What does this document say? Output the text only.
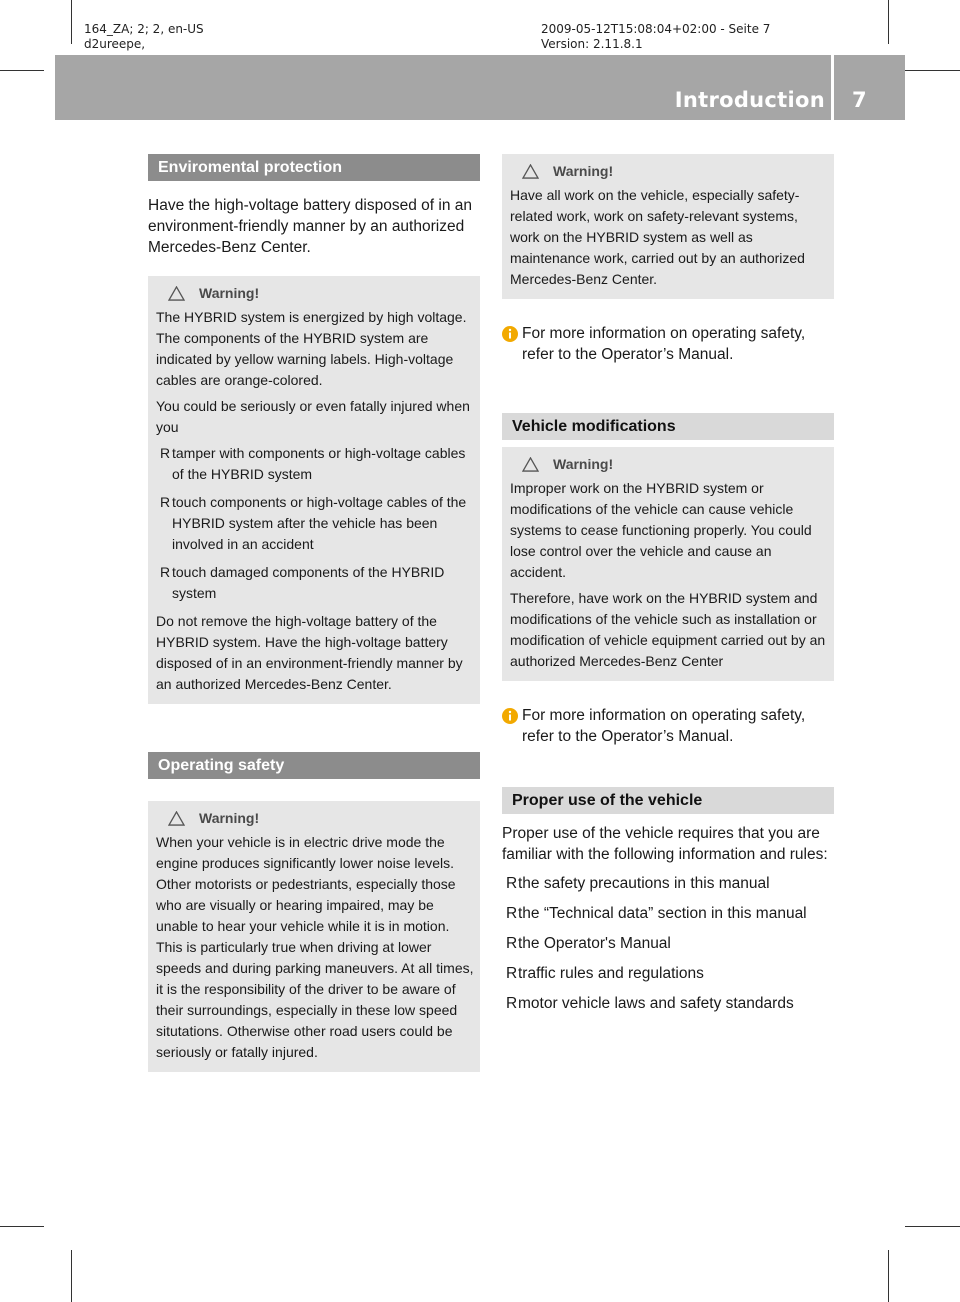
164_ZA; 2; 2, en-US
d2ureepe,
2009-05-12T15:08:04+02:00 - Seite 7
Version: 2.11.8.1
Introduction 7
Enviromental protection

Have the high-voltage battery disposed of in an environment-friendly manner by an authorized Mercedes-Benz Center.

Warning!

The HYBRID system is energized by high voltage. The components of the HYBRID system are indicated by yellow warning labels. High-voltage cables are orange-colored.

You could be seriously or even fatally injured when you

R tamper with components or high-voltage cables of the HYBRID system
R touch components or high-voltage cables of the HYBRID system after the vehicle has been involved in an accident
R touch damaged components of the HYBRID system

Do not remove the high-voltage battery of the HYBRID system. Have the high-voltage battery disposed of in an environment-friendly manner by an authorized Mercedes-Benz Center.

Operating safety
Warning!

When your vehicle is in electric drive mode the engine produces significantly lower noise levels. Other motorists or pedestriants, especially those who are visually or hearing impaired, may be unable to hear your vehicle while it is in motion. This is particularly true when driving at lower speeds and during parking maneuvers. At all times, it is the responsibility of the driver to be aware of their surroundings, especially in these low speed situtations. Otherwise other road users could be seriously or fatally injured.

Warning!

Have all work on the vehicle, especially safety-related work, work on safety-relevant systems, work on the HYBRID system as well as maintenance work, carried out by an authorized Mercedes-Benz Center.

For more information on operating safety, refer to the Operator’s Manual.
Vehicle modifications
Warning!

Improper work on the HYBRID system or modifications of the vehicle can cause vehicle systems to cease functioning properly. You could lose control over the vehicle and cause an accident.

Therefore, have work on the HYBRID system and modifications of the vehicle such as installation or modification of vehicle equipment carried out by an authorized Mercedes-Benz Center

For more information on operating safety, refer to the Operator’s Manual.
Proper use of the vehicle

Proper use of the vehicle requires that you are familiar with the following information and rules:

R the safety precautions in this manual
R the “Technical data” section in this manual
R the Operator's Manual
R traffic rules and regulations
R motor vehicle laws and safety standards
